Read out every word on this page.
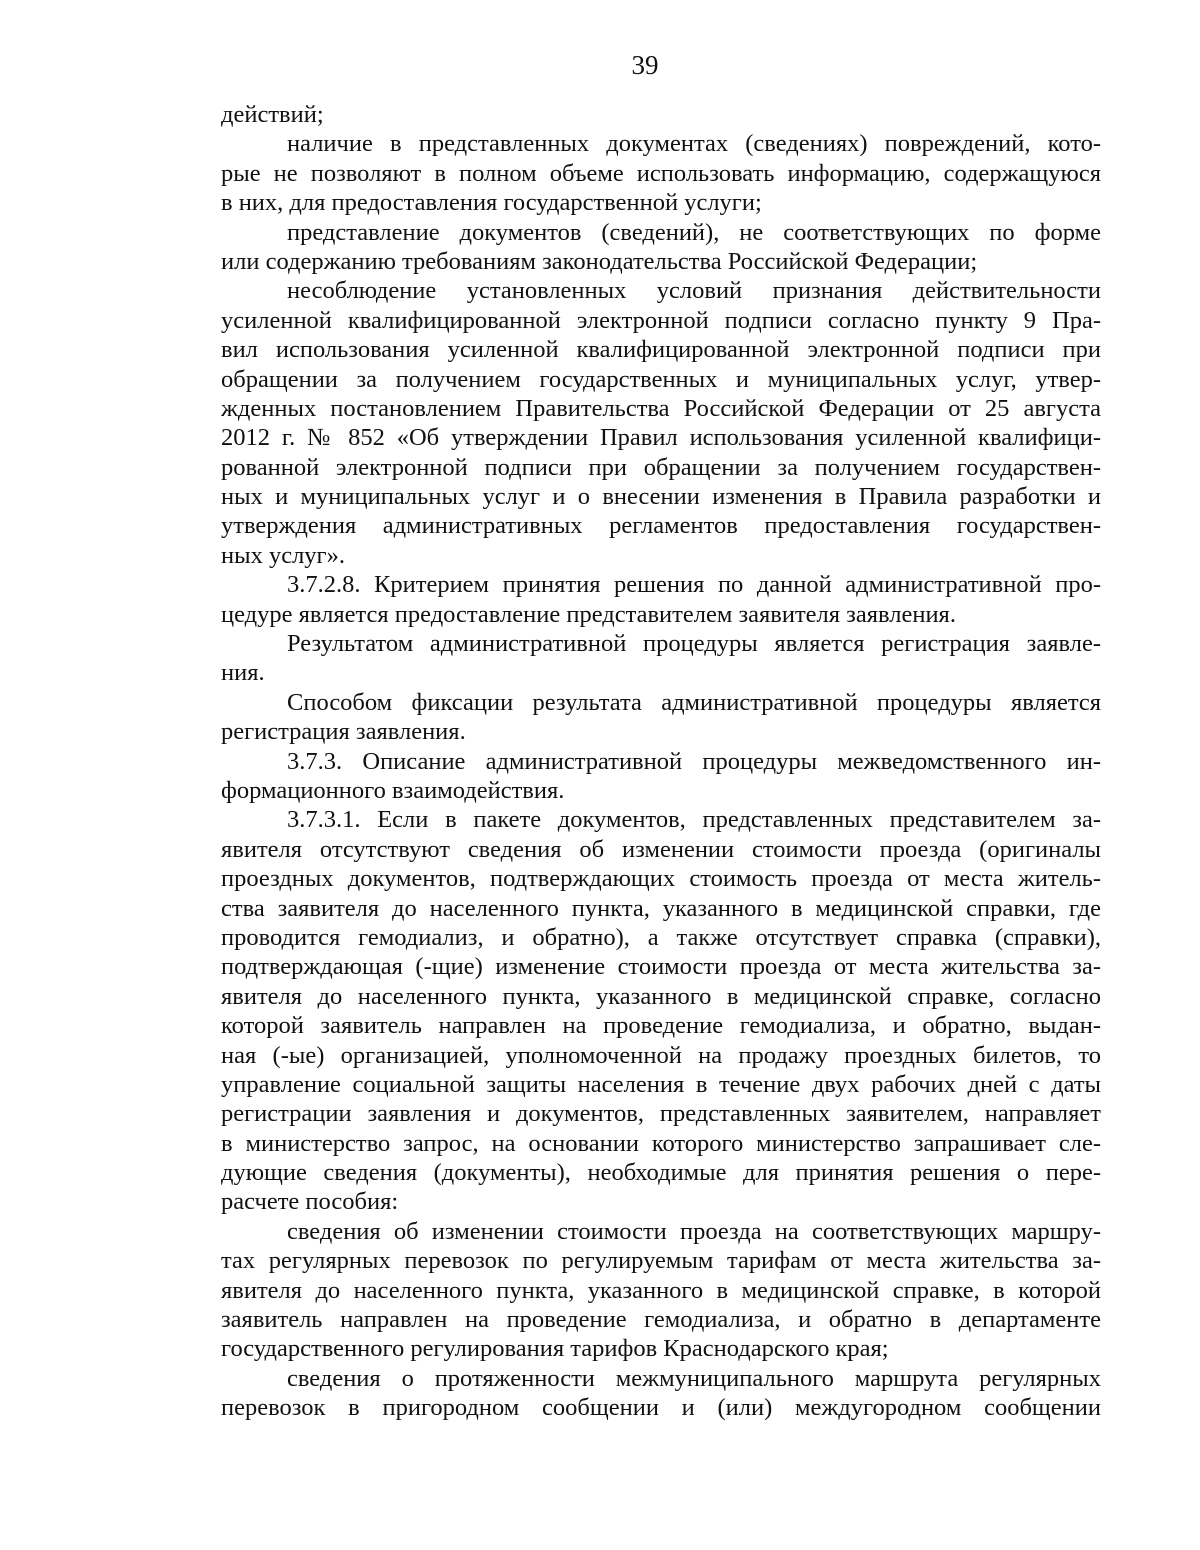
39
действий;
наличие в представленных документах (сведениях) повреждений, кото-
рые не позволяют в полном объеме использовать информацию, содержащуюся
в них, для предоставления государственной услуги;
представление документов (сведений), не соответствующих по форме
или содержанию требованиям законодательства Российской Федерации;
несоблюдение установленных условий признания действительности
усиленной квалифицированной электронной подписи согласно пункту 9 Пра-
вил использования усиленной квалифицированной электронной подписи при
обращении за получением государственных и муниципальных услуг, утвер-
жденных постановлением Правительства Российской Федерации от 25 августа
2012 г. № 852 «Об утверждении Правил использования усиленной квалифици-
рованной электронной подписи при обращении за получением государствен-
ных и муниципальных услуг и о внесении изменения в Правила разработки и
утверждения административных регламентов предоставления государствен-
ных услуг».
3.7.2.8. Критерием принятия решения по данной административной про-
цедуре является предоставление представителем заявителя заявления.
Результатом административной процедуры является регистрация заявле-
ния.
Способом фиксации результата административной процедуры является
регистрация заявления.
3.7.3. Описание административной процедуры межведомственного ин-
формационного взаимодействия.
3.7.3.1. Если в пакете документов, представленных представителем за-
явителя отсутствуют сведения об изменении стоимости проезда (оригиналы
проездных документов, подтверждающих стоимость проезда от места житель-
ства заявителя до населенного пункта, указанного в медицинской справки, где
проводится гемодиализ, и обратно), а также отсутствует справка (справки),
подтверждающая (-щие) изменение стоимости проезда от места жительства за-
явителя до населенного пункта, указанного в медицинской справке, согласно
которой заявитель направлен на проведение гемодиализа, и обратно, выдан-
ная (-ые) организацией, уполномоченной на продажу проездных билетов, то
управление социальной защиты населения в течение двух рабочих дней с даты
регистрации заявления и документов, представленных заявителем, направляет
в министерство запрос, на основании которого министерство запрашивает сле-
дующие сведения (документы), необходимые для принятия решения о пере-
расчете пособия:
сведения об изменении стоимости проезда на соответствующих маршру-
тах регулярных перевозок по регулируемым тарифам от места жительства за-
явителя до населенного пункта, указанного в медицинской справке, в которой
заявитель направлен на проведение гемодиализа, и обратно в департаменте
государственного регулирования тарифов Краснодарского края;
сведения о протяженности межмуниципального маршрута регулярных
перевозок в пригородном сообщении и (или) междугородном сообщении
